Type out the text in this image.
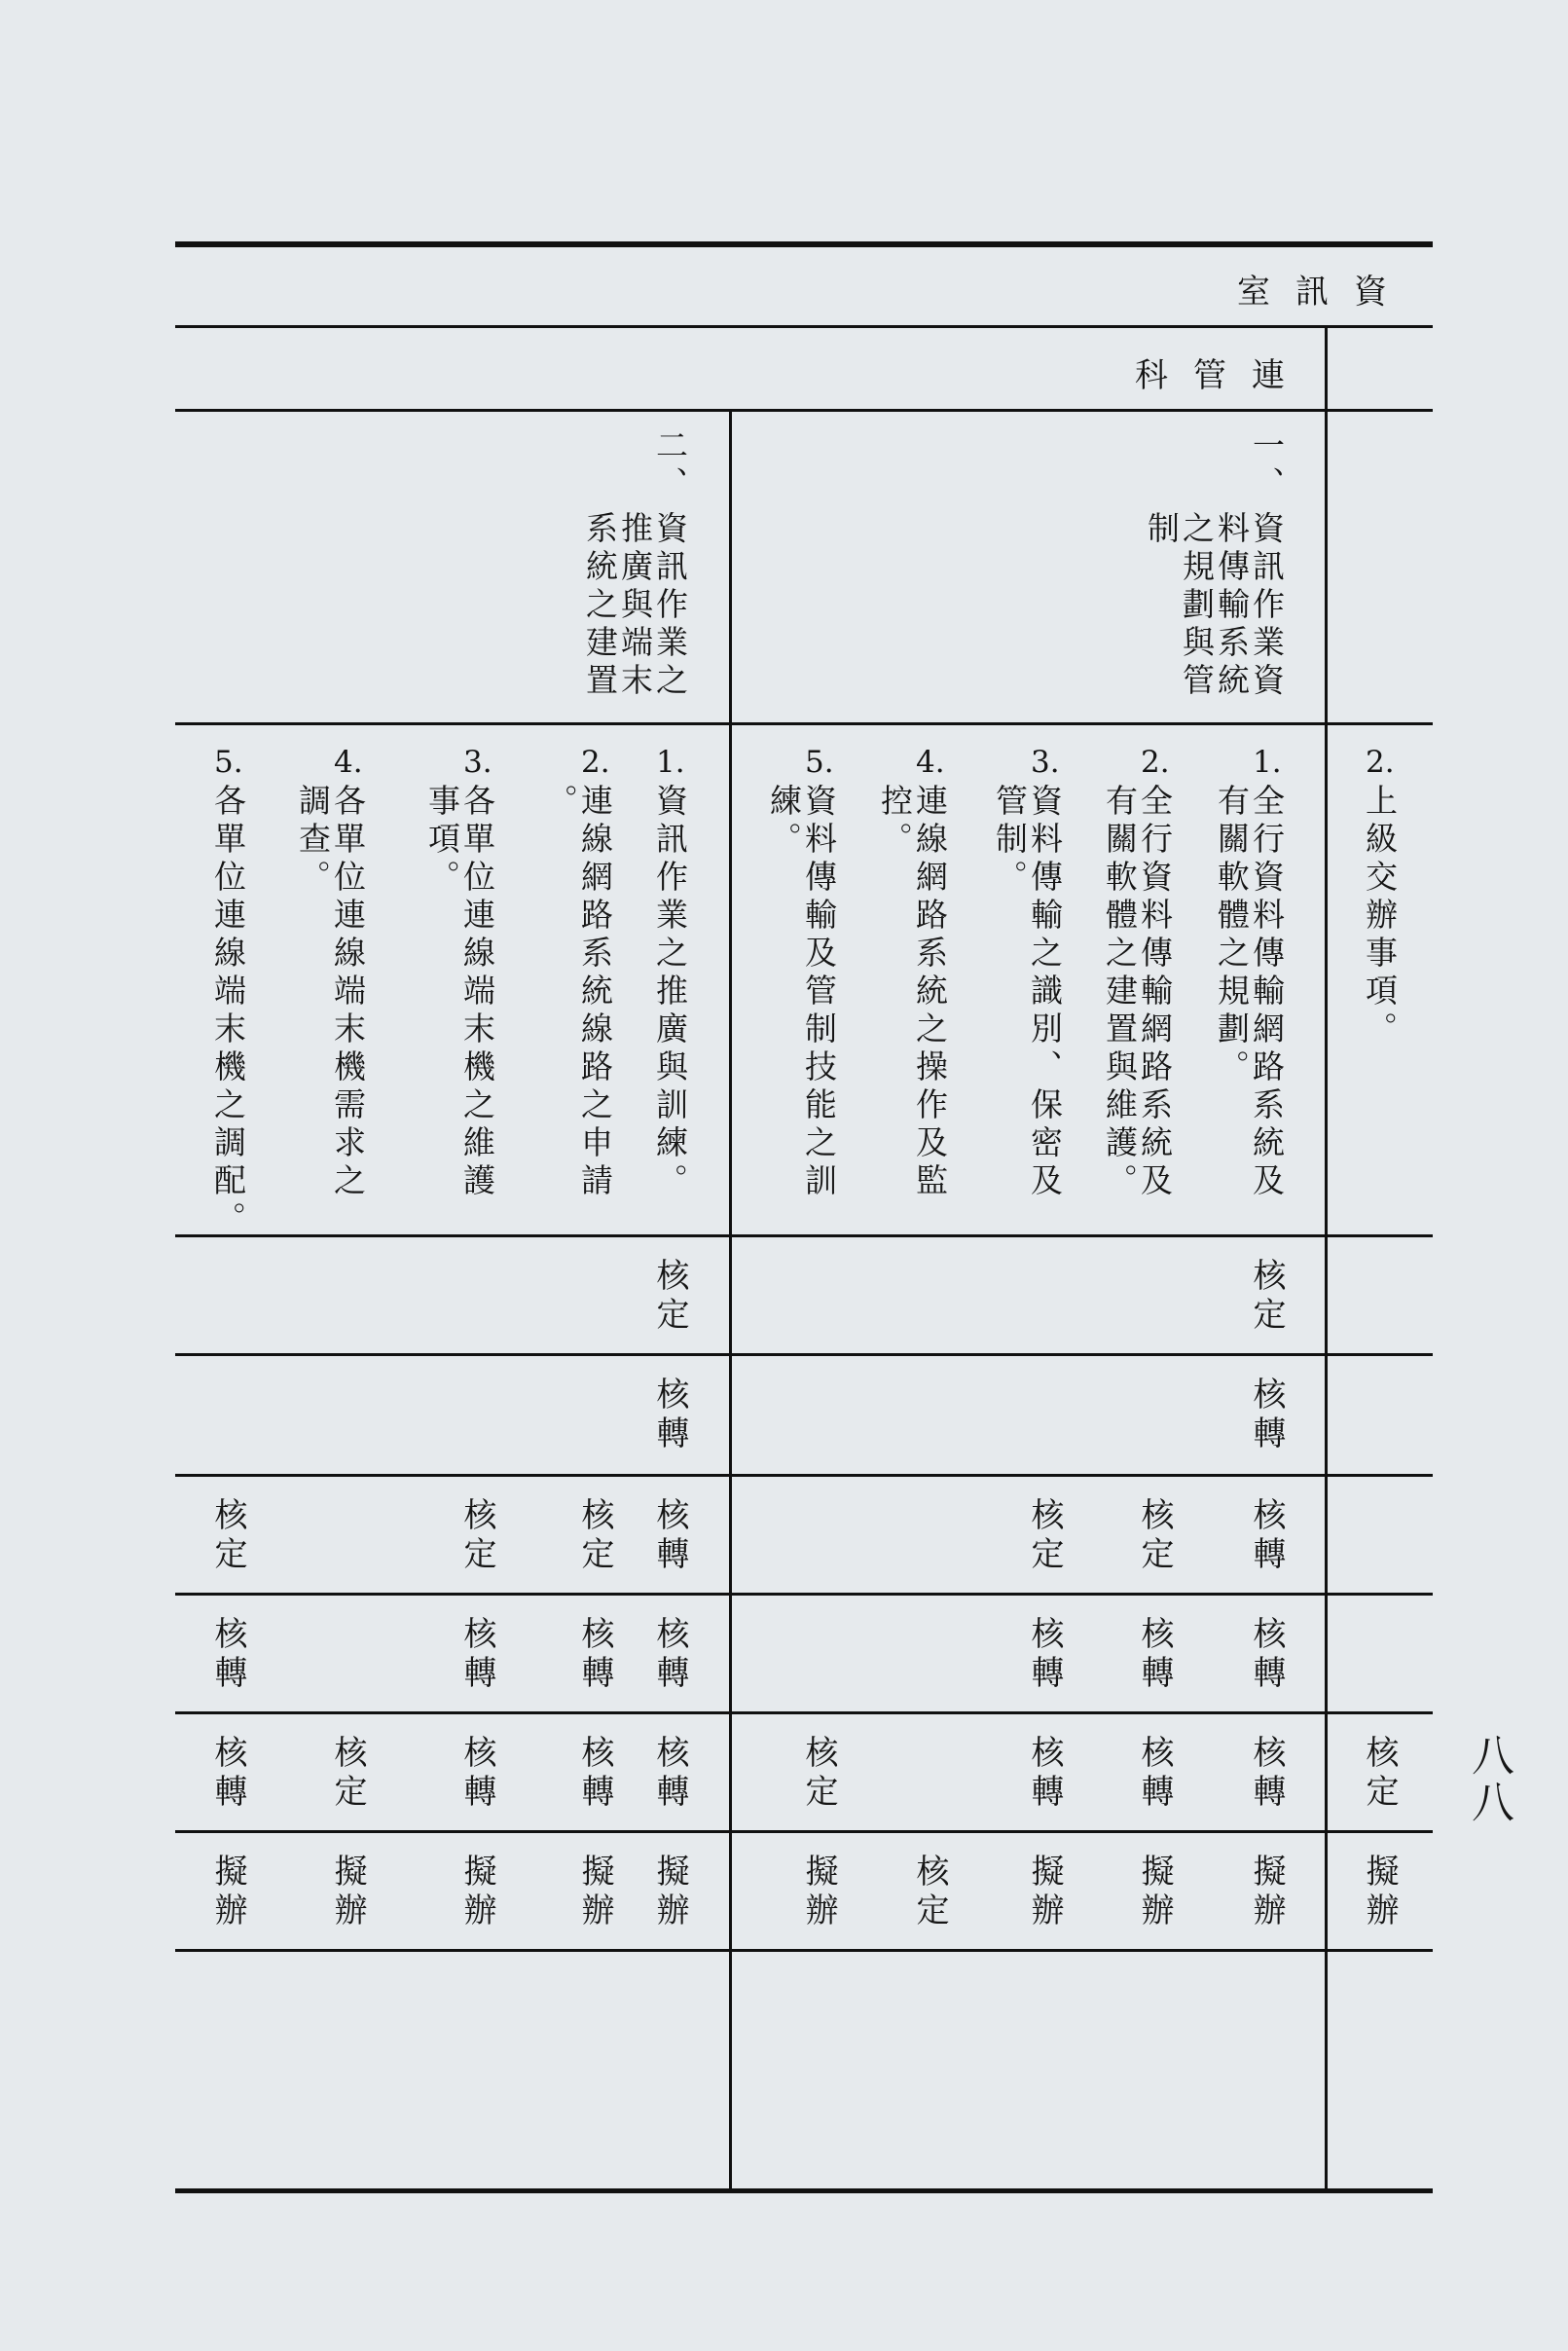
資訊室
連管科
2.
上級交辦事項。
一、
資訊作業資
料傳輸系統
之規劃與管
制
1.
全行資料傳輸網路系統及
有關軟體之規劃。
2.
全行資料傳輸網路系統及
有關軟體之建置與維護。
3.
資料傳輸之識別、保密及
管制。
4.
連線網路系統之操作及監
控。
5.
資料傳輸及管制技能之訓
練。
二、
資訊作業之
推廣與端末
系統之建置
1.
資訊作業之推廣與訓練。
2.
連線網路系統線路之申請
。
3.
各單位連線端末機之維護
事項。
4.
各單位連線端末機需求之
調查。
5.
各單位連線端末機之調配。
核定
核定
核轉
核轉
核轉
核定
核定
核轉
核定
核定
核定
核轉
核轉
核轉
核轉
核轉
核轉
核轉
核定
核轉
核轉
核轉
核定
核轉
核轉
核轉
核定
核轉
擬辦
擬辦
擬辦
擬辦
核定
擬辦
擬辦
擬辦
擬辦
擬辦
擬辦
八八
